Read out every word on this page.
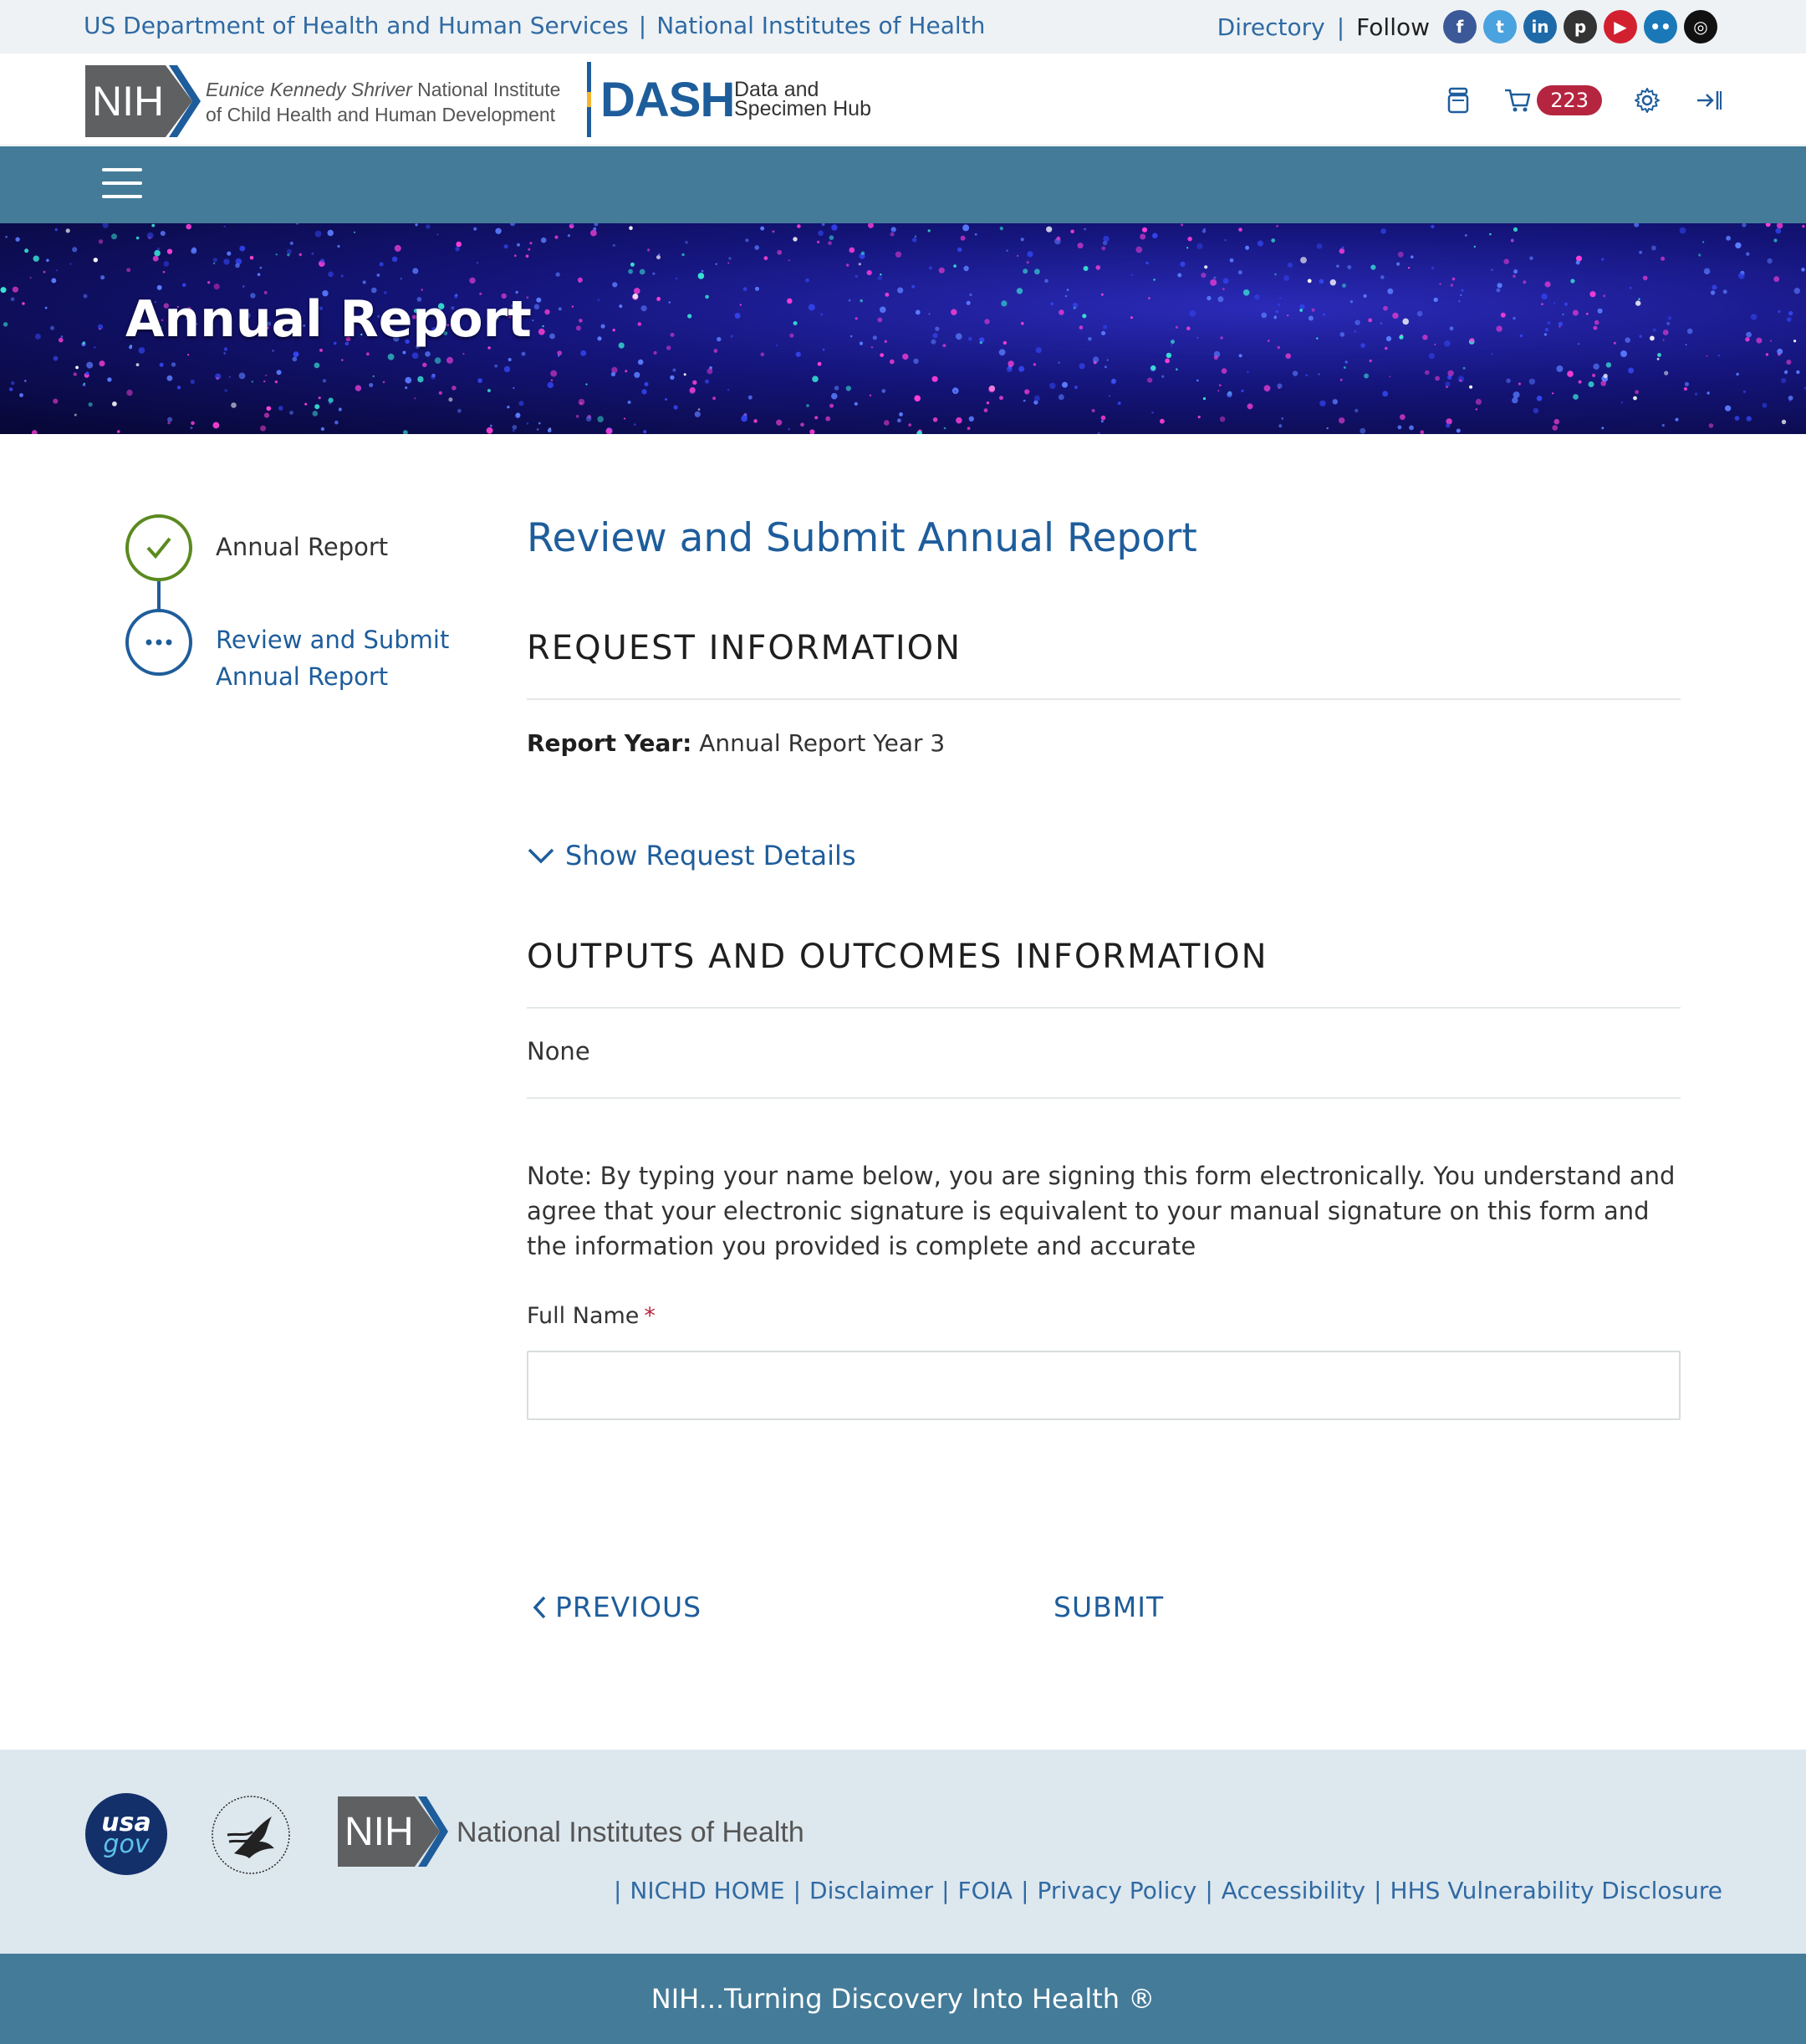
US Department of Health and Human Services | National Institutes of Health	Directory | Follow	f	t	in	p	▶	••	◎
NIH Eunice Kennedy Shriver National Institute
of Child Health and Human Development DASH Data and
Specimen Hub	223
Annual Report
Annual Report
Review and Submit
Annual Report
Review and Submit Annual Report
REQUEST INFORMATION
Report Year: Annual Report Year 3
Show Request Details
OUTPUTS AND OUTCOMES INFORMATION
None
Note: By typing your name below, you are signing this form electronically. You understand and agree that your electronic signature is equivalent to your manual signature on this form and the information you provided is complete and accurate
Full Name *
PREVIOUS	SUBMIT
usa
gov	NIH National Institutes of Health
| NICHD HOME | Disclaimer | FOIA | Privacy Policy | Accessibility | HHS Vulnerability Disclosure
NIH...Turning Discovery Into Health ®
